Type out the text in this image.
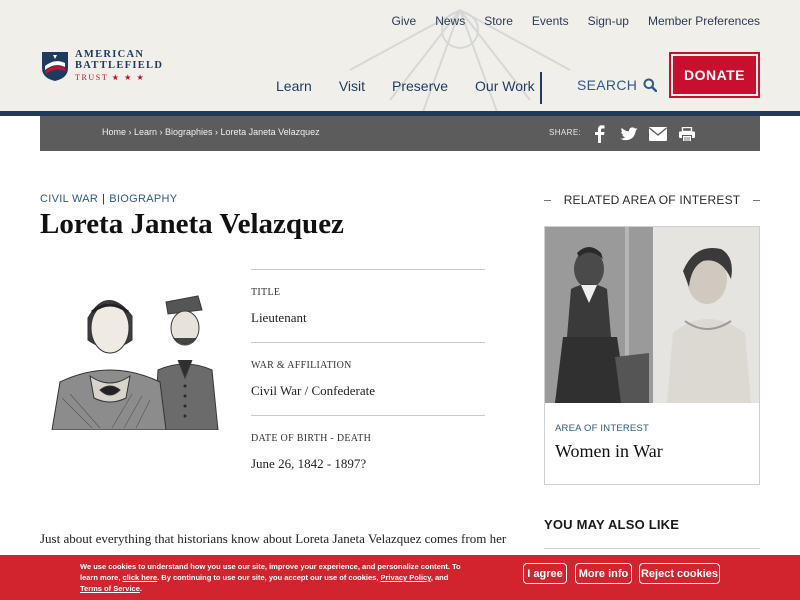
Give News Store Events Sign-up Member Preferences
AMERICAN
BATTLEFIELD
TRUST ★ ★ ★
Learn Visit Preserve Our Work	SEARCH
DONATE
Home › Learn › Biographies › Loreta Janeta Velazquez	SHARE:
CIVIL WAR | BIOGRAPHY
Loreta Janeta Velazquez
TITLE
Lieutenant
WAR & AFFILIATION
Civil War / Confederate
DATE OF BIRTH - DEATH
June 26, 1842 - 1897?

Just about everything that historians know about Loreta Janeta Velazquez comes from her

RELATED AREA OF INTEREST
AREA OF INTEREST
Women in War
YOU MAY ALSO LIKE

We use cookies to understand how you use our site, improve your experience, and personalize content. To learn more, click here. By continuing to use our site, you accept our use of cookies, Privacy Policy, and Terms of Service.

I agree	More info	Reject cookies
